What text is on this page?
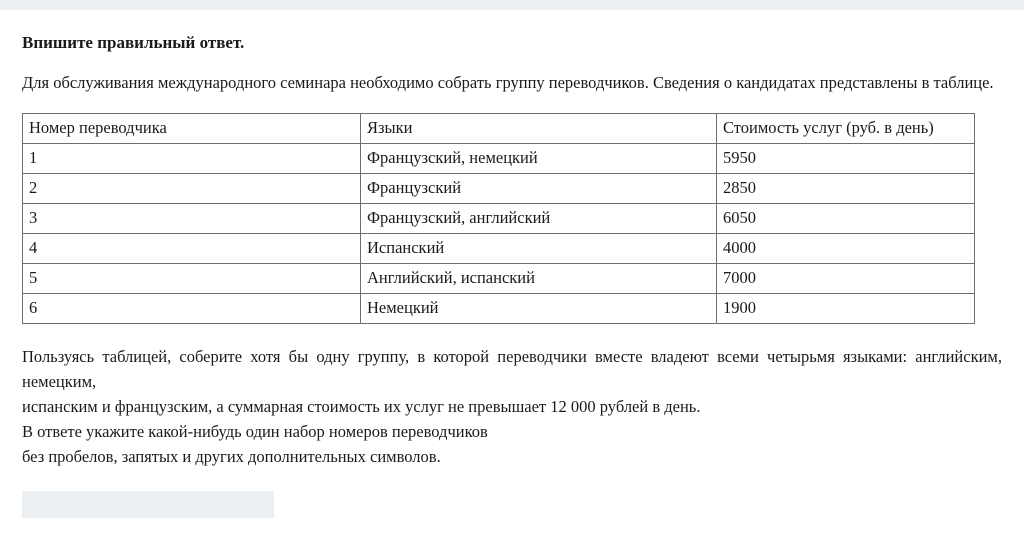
Впишите правильный ответ.
Для обслуживания международного семинара необходимо собрать группу переводчиков. Сведения о кандидатах представлены в таблице.
Номер переводчика	Языки	Стоимость услуг (руб. в день)
1	Французский, немецкий	5950
2	Французский	2850
3	Французский, английский	6050
4	Испанский	4000
5	Английский, испанский	7000
6	Немецкий	1900

Пользуясь таблицей, соберите хотя бы одну группу, в которой переводчики вместе владеют всеми четырьмя языками: английским, немецким,

испанским и французским, а суммарная стоимость их услуг не превышает 12 000 рублей в день.

В ответе укажите какой-нибудь один набор номеров переводчиков

без пробелов, запятых и других дополнительных символов.
